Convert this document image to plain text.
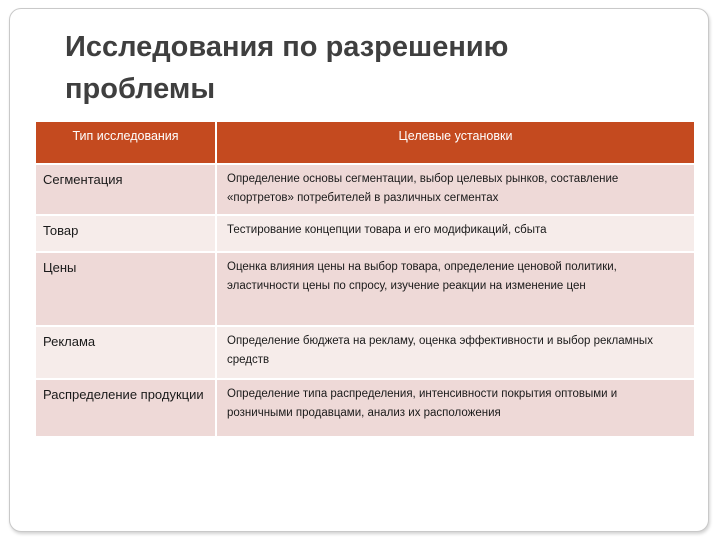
Исследования по разрешению проблемы
Тип исследования	Целевые установки
Сегментация	Определение основы сегментации, выбор целевых рынков, составление «портретов» потребителей в различных сегментах
Товар	Тестирование концепции товара и его модификаций, сбыта
Цены	Оценка влияния цены на выбор товара, определение ценовой политики, эластичности цены по спросу, изучение реакции на изменение цен
Реклама	Определение бюджета на рекламу, оценка эффективности и выбор рекламных средств
Распределение продукции	Определение типа распределения, интенсивности покрытия оптовыми и розничными продавцами, анализ их расположения
